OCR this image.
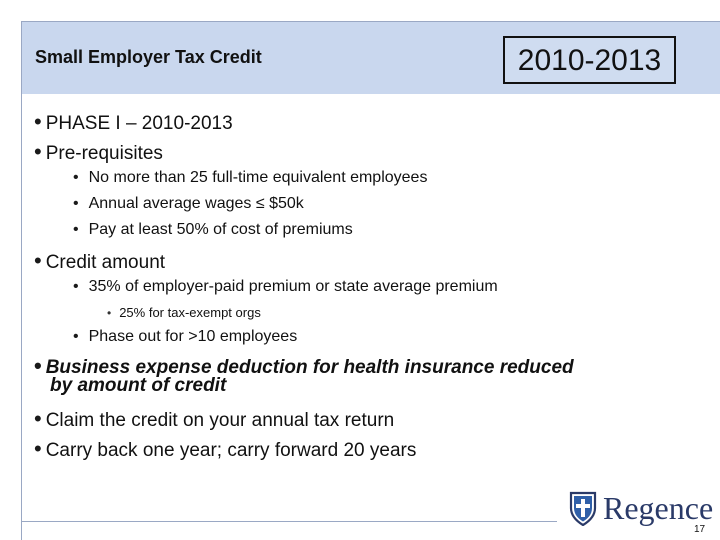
Small Employer Tax Credit	2010-2013
• PHASE I – 2010-2013
• Pre-requisites
• No more than 25 full-time equivalent employees
• Annual average wages ≤ $50k
• Pay at least 50% of cost of premiums
• Credit amount
• 35% of employer-paid premium or state average premium
• 25% for tax-exempt orgs
• Phase out for >10 employees
• Business expense deduction for health insurance reduced
by amount of credit
• Claim the credit on your annual tax return
• Carry back one year; carry forward 20 years
Regence
17
